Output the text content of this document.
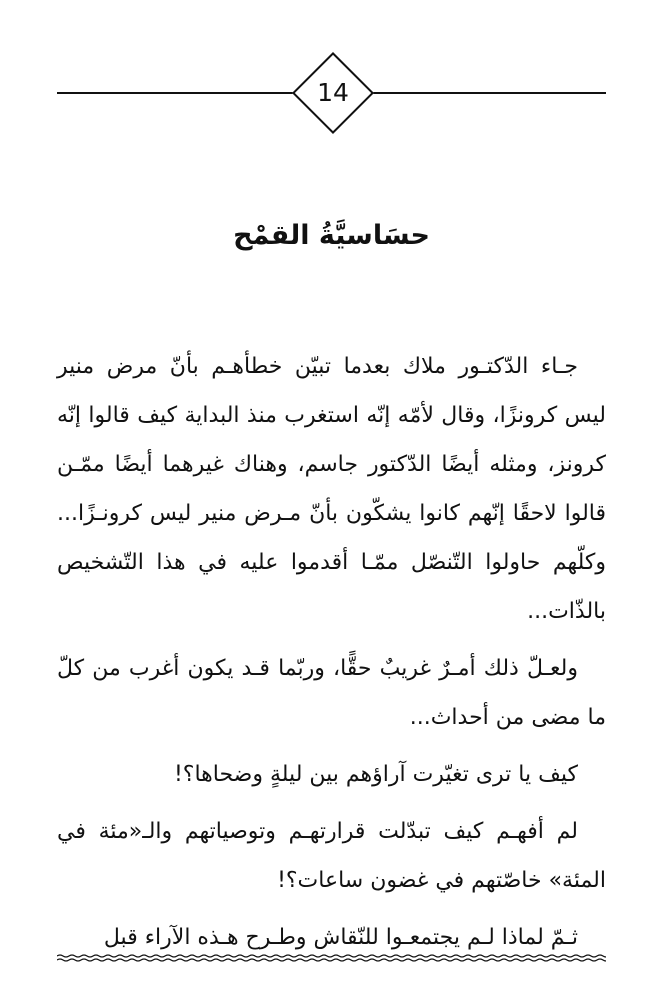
14
حسَاسيَّةُ القمْح

جـاء الدّكتـور ملاك بعدما تبيّن خطأهـم بأنّ مرض منير ليس كرونزًا، وقال لأمّه إنّه استغرب منذ البداية كيف قالوا إنّه كرونز، ومثله أيضًا الدّكتور جاسم، وهناك غيرهما أيضًا ممّـن قالوا لاحقًا إنّهم كانوا يشكّون بأنّ مـرض منير ليس كرونـزًا... وكلّهم حاولوا التّنصّل ممّـا أقدموا عليه في هذا التّشخيص بالذّات...

ولعـلّ ذلك أمـرٌ غريبٌ حقًّا، وربّما قـد يكون أغرب من كلّ ما مضى من أحداث...

كيف يا ترى تغيّرت آراؤهم بين ليلةٍ وضحاها؟!

لم أفهـم كيف تبدّلت قرارتهـم وتوصياتهم والـ«مئة في المئة» خاصّتهم في غضون ساعات؟!

ثـمّ لماذا لـم يجتمعـوا للنّقاش وطـرح هـذه الآراء قبل
